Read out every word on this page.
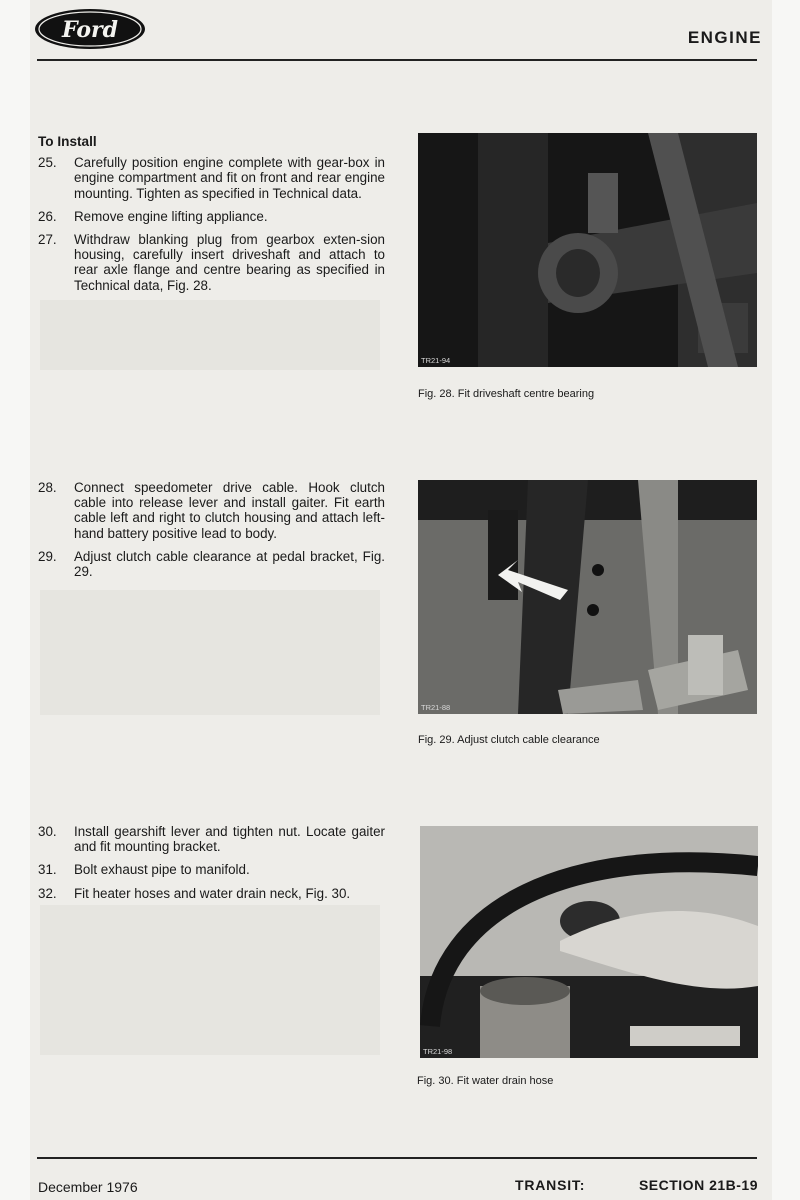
Ford	ENGINE
To Install
25.	Carefully position engine complete with gear-box in engine compartment and fit on front and rear engine mounting. Tighten as specified in Technical data.
26.	Remove engine lifting appliance.
27.	Withdraw blanking plug from gearbox exten-sion housing, carefully insert driveshaft and attach to rear axle flange and centre bearing as specified in Technical data, Fig. 28.
TR21-94
Fig. 28. Fit driveshaft centre bearing
28.	Connect speedometer drive cable. Hook clutch cable into release lever and install gaiter. Fit earth cable left and right to clutch housing and attach left-hand battery positive lead to body.
29.	Adjust clutch cable clearance at pedal bracket, Fig. 29.
TR21-88
Fig. 29. Adjust clutch cable clearance
30.	Install gearshift lever and tighten nut. Locate gaiter and fit mounting bracket.
31.	Bolt exhaust pipe to manifold.
32.	Fit heater hoses and water drain neck, Fig. 30.
TR21-98
Fig. 30. Fit water drain hose
December 1976	TRANSIT:	SECTION 21B-19
